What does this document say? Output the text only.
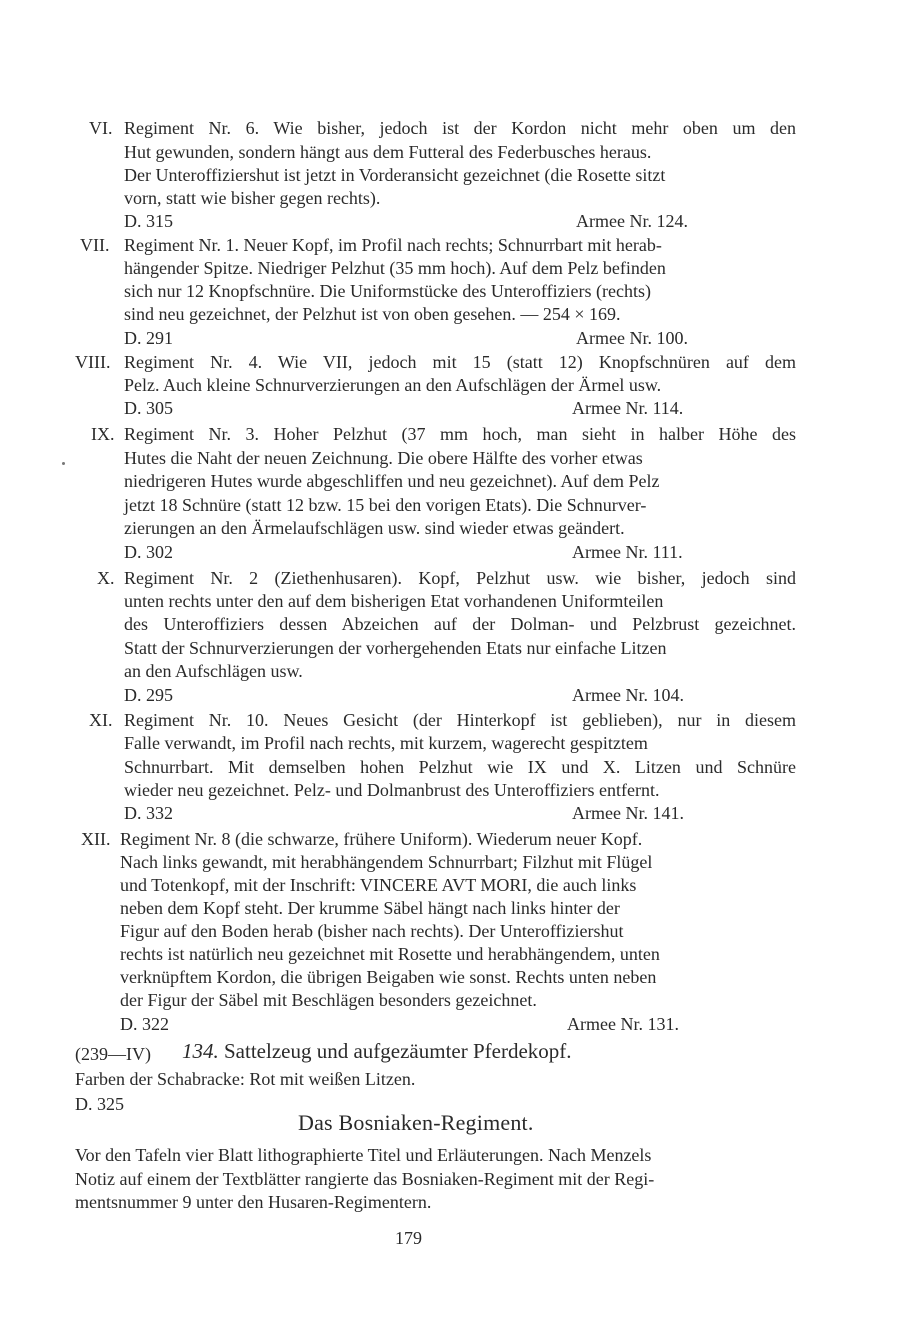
VI. Regiment Nr. 6. Wie bisher, jedoch ist der Kordon nicht mehr oben um den
Hut gewunden, sondern hängt aus dem Futteral des Federbusches heraus.
Der Unteroffiziershut ist jetzt in Vorderansicht gezeichnet (die Rosette sitzt
vorn, statt wie bisher gegen rechts).
D. 315	Armee Nr. 124.
VII. Regiment Nr. 1. Neuer Kopf, im Profil nach rechts; Schnurrbart mit herab-
hängender Spitze. Niedriger Pelzhut (35 mm hoch). Auf dem Pelz befinden
sich nur 12 Knopfschnüre. Die Uniformstücke des Unteroffiziers (rechts)
sind neu gezeichnet, der Pelzhut ist von oben gesehen. — 254 × 169.
D. 291	Armee Nr. 100.
VIII. Regiment Nr. 4. Wie VII, jedoch mit 15 (statt 12) Knopfschnüren auf dem
Pelz. Auch kleine Schnurverzierungen an den Aufschlägen der Ärmel usw.
D. 305	Armee Nr. 114.
IX. Regiment Nr. 3. Hoher Pelzhut (37 mm hoch, man sieht in halber Höhe des
Hutes die Naht der neuen Zeichnung. Die obere Hälfte des vorher etwas
niedrigeren Hutes wurde abgeschliffen und neu gezeichnet). Auf dem Pelz
jetzt 18 Schnüre (statt 12 bzw. 15 bei den vorigen Etats). Die Schnurver-
zierungen an den Ärmelaufschlägen usw. sind wieder etwas geändert.
D. 302	Armee Nr. 111.
X. Regiment Nr. 2 (Ziethenhusaren). Kopf, Pelzhut usw. wie bisher, jedoch sind
unten rechts unter den auf dem bisherigen Etat vorhandenen Uniformteilen
des Unteroffiziers dessen Abzeichen auf der Dolman- und Pelzbrust gezeichnet.
Statt der Schnurverzierungen der vorhergehenden Etats nur einfache Litzen
an den Aufschlägen usw.
D. 295	Armee Nr. 104.
XI. Regiment Nr. 10. Neues Gesicht (der Hinterkopf ist geblieben), nur in diesem
Falle verwandt, im Profil nach rechts, mit kurzem, wagerecht gespitztem
Schnurrbart. Mit demselben hohen Pelzhut wie IX und X. Litzen und Schnüre
wieder neu gezeichnet. Pelz- und Dolmanbrust des Unteroffiziers entfernt.
D. 332	Armee Nr. 141.
XII. Regiment Nr. 8 (die schwarze, frühere Uniform). Wiederum neuer Kopf.
Nach links gewandt, mit herabhängendem Schnurrbart; Filzhut mit Flügel
und Totenkopf, mit der Inschrift: VINCERE AVT MORI, die auch links
neben dem Kopf steht. Der krumme Säbel hängt nach links hinter der
Figur auf den Boden herab (bisher nach rechts). Der Unteroffiziershut
rechts ist natürlich neu gezeichnet mit Rosette und herabhängendem, unten
verknüpftem Kordon, die übrigen Beigaben wie sonst. Rechts unten neben
der Figur der Säbel mit Beschlägen besonders gezeichnet.
D. 322	Armee Nr. 131.
(239—IV) 134. Sattelzeug und aufgezäumter Pferdekopf.
Farben der Schabracke: Rot mit weißen Litzen.
D. 325
Das Bosniaken-Regiment.
Vor den Tafeln vier Blatt lithographierte Titel und Erläuterungen. Nach Menzels
Notiz auf einem der Textblätter rangierte das Bosniaken-Regiment mit der Regi-
mentsnummer 9 unter den Husaren-Regimentern.
179
